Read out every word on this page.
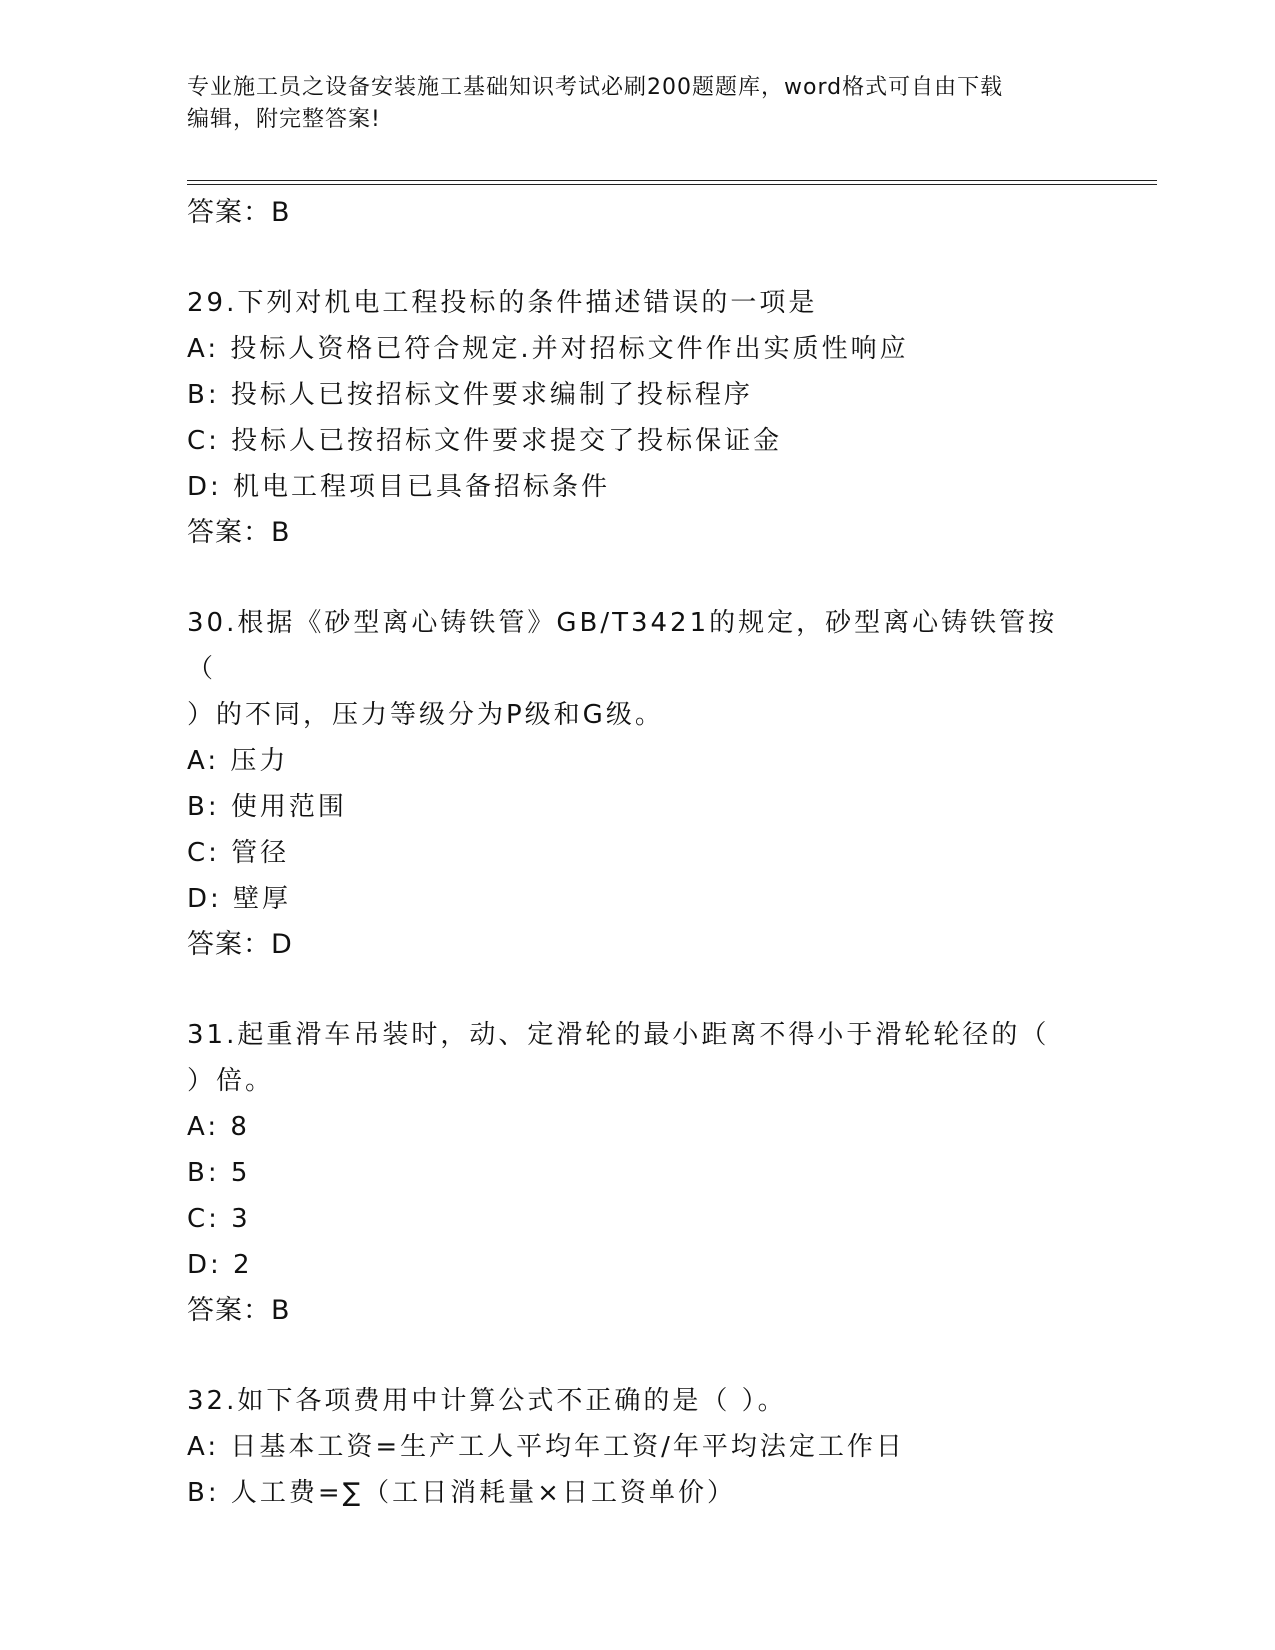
专业施工员之设备安装施工基础知识考试必刷200题题库，word格式可自由下载
编辑，附完整答案!
答案：B
29.下列对机电工程投标的条件描述错误的一项是
A: 投标人资格已符合规定.并对招标文件作出实质性响应
B: 投标人已按招标文件要求编制了投标程序
C: 投标人已按招标文件要求提交了投标保证金
D: 机电工程项目已具备招标条件
答案：B
30.根据《砂型离心铸铁管》GB/T3421的规定，砂型离心铸铁管按（
）的不同，压力等级分为P级和G级。
A: 压力
B: 使用范围
C: 管径
D: 壁厚
答案：D
31.起重滑车吊装时，动、定滑轮的最小距离不得小于滑轮轮径的（
）倍。
A: 8
B: 5
C: 3
D: 2
答案：B
32.如下各项费用中计算公式不正确的是（ ）。
A: 日基本工资=生产工人平均年工资/年平均法定工作日
B: 人工费=∑（工日消耗量×日工资单价）
